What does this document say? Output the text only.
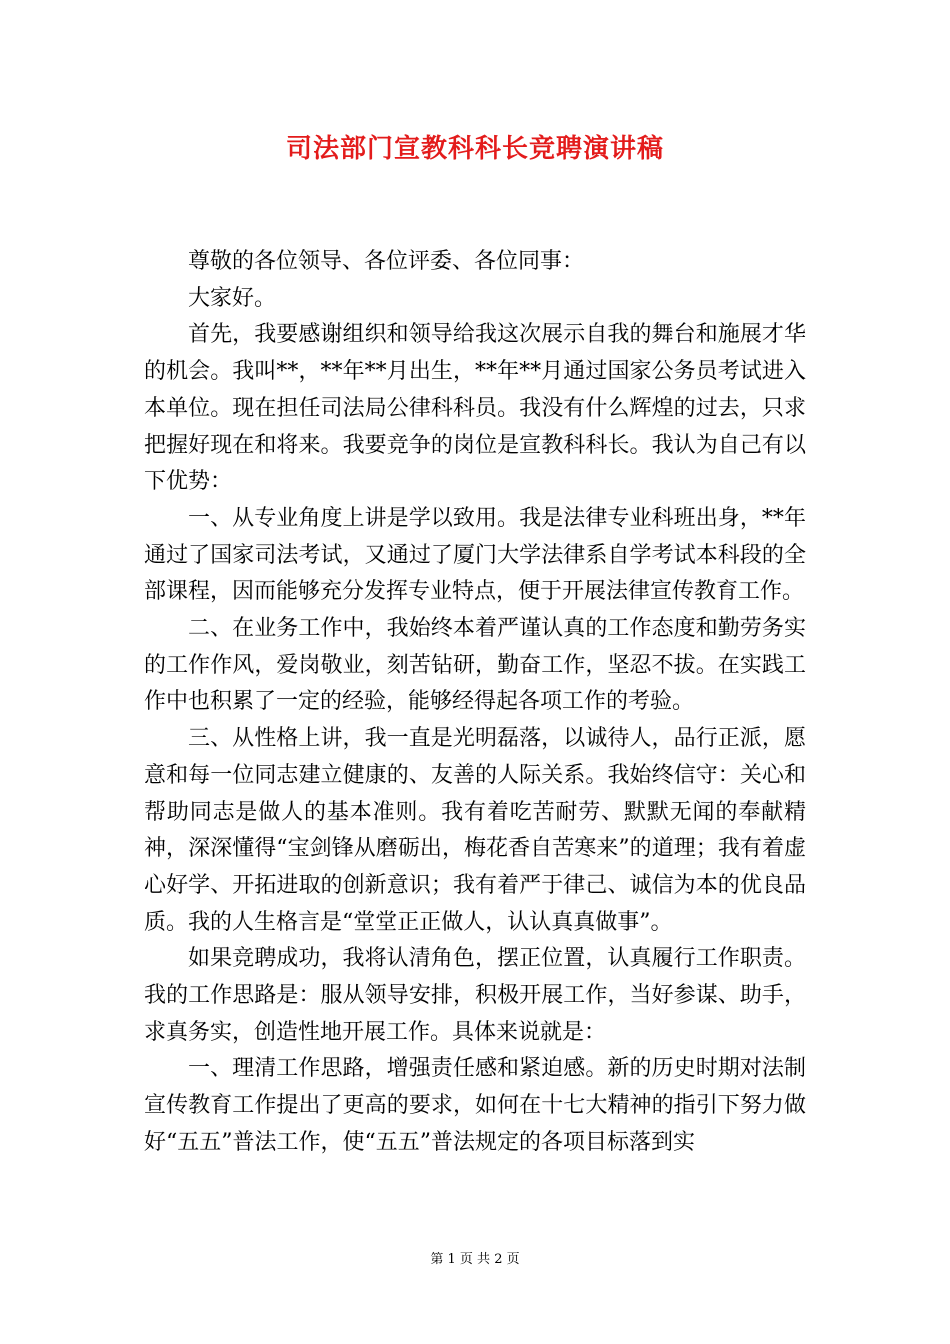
司法部门宣教科科长竞聘演讲稿

尊敬的各位领导、各位评委、各位同事：

大家好。

首先，我要感谢组织和领导给我这次展示自我的舞台和施展才华的机会。我叫**，**年**月出生，**年**月通过国家公务员考试进入本单位。现在担任司法局公律科科员。我没有什么辉煌的过去，只求把握好现在和将来。我要竞争的岗位是宣教科科长。我认为自己有以下优势：

一、从专业角度上讲是学以致用。我是法律专业科班出身，**年通过了国家司法考试，又通过了厦门大学法律系自学考试本科段的全部课程，因而能够充分发挥专业特点，便于开展法律宣传教育工作。

二、在业务工作中，我始终本着严谨认真的工作态度和勤劳务实的工作作风，爱岗敬业，刻苦钻研，勤奋工作，坚忍不拔。在实践工作中也积累了一定的经验，能够经得起各项工作的考验。

三、从性格上讲，我一直是光明磊落，以诚待人，品行正派，愿意和每一位同志建立健康的、友善的人际关系。我始终信守：关心和帮助同志是做人的基本准则。我有着吃苦耐劳、默默无闻的奉献精神，深深懂得“宝剑锋从磨砺出，梅花香自苦寒来”的道理；我有着虚心好学、开拓进取的创新意识；我有着严于律己、诚信为本的优良品质。我的人生格言是“堂堂正正做人，认认真真做事”。

如果竞聘成功，我将认清角色，摆正位置，认真履行工作职责。我的工作思路是：服从领导安排，积极开展工作，当好参谋、助手，求真务实，创造性地开展工作。具体来说就是：

一、理清工作思路，增强责任感和紧迫感。新的历史时期对法制宣传教育工作提出了更高的要求，如何在十七大精神的指引下努力做好“五五”普法工作，使“五五”普法规定的各项目标落到实

第 1 页 共 2 页
